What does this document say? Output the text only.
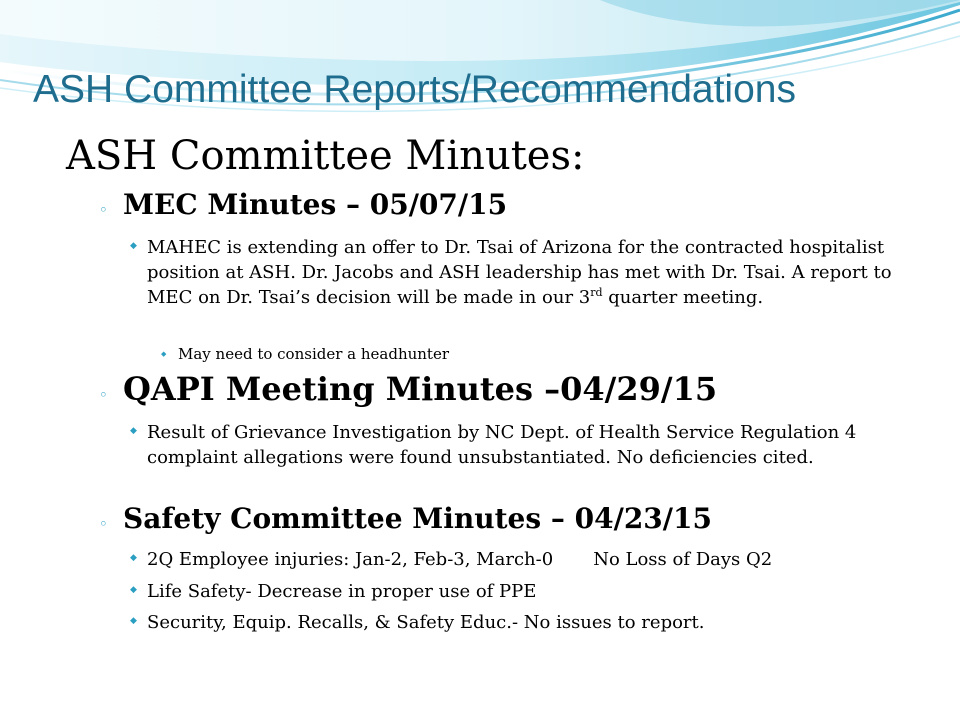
ASH Committee Reports/Recommendations
ASH Committee Minutes:
◦ MEC Minutes – 05/07/15
◆ MAHEC is extending an offer to Dr. Tsai of Arizona for the contracted hospitalist position at ASH. Dr. Jacobs and ASH leadership has met with Dr. Tsai. A report to MEC on Dr. Tsai’s decision will be made in our 3rd quarter meeting.
◆ May need to consider a headhunter
◦ QAPI Meeting Minutes –04/29/15
◆ Result of Grievance Investigation by NC Dept. of Health Service Regulation 4 complaint allegations were found unsubstantiated. No deficiencies cited.
◦ Safety Committee Minutes – 04/23/15
◆ 2Q Employee injuries: Jan-2, Feb-3, March-0       No Loss of Days Q2
◆ Life Safety- Decrease in proper use of PPE
◆ Security, Equip. Recalls, & Safety Educ.- No issues to report.
